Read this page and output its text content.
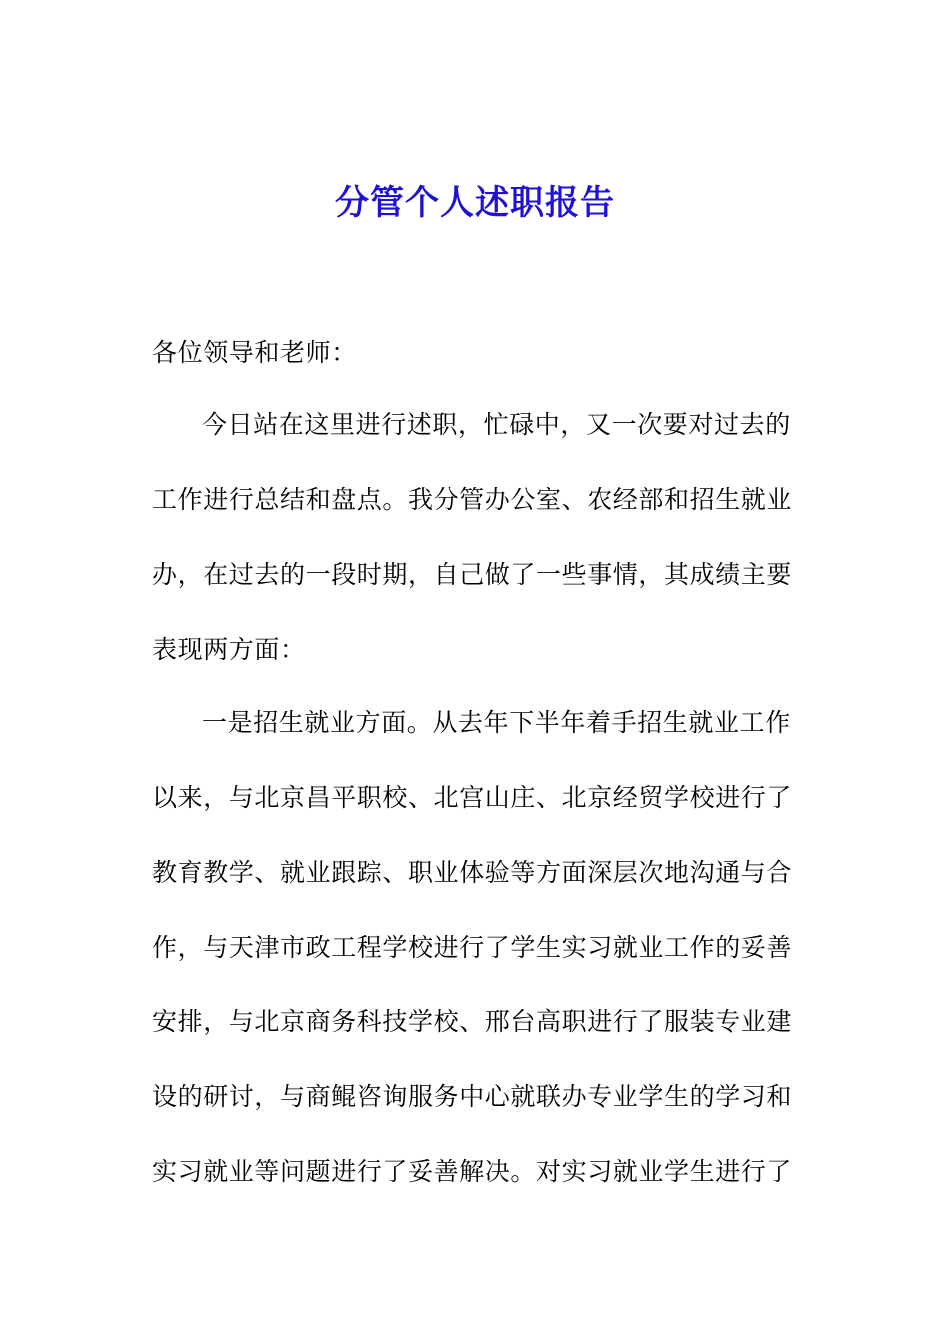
分管个人述职报告
各位领导和老师：
今日站在这里进行述职，忙碌中，又一次要对过去的
工作进行总结和盘点。我分管办公室、农经部和招生就业
办，在过去的一段时期，自己做了一些事情，其成绩主要
表现两方面：
一是招生就业方面。从去年下半年着手招生就业工作
以来，与北京昌平职校、北宫山庄、北京经贸学校进行了
教育教学、就业跟踪、职业体验等方面深层次地沟通与合
作，与天津市政工程学校进行了学生实习就业工作的妥善
安排，与北京商务科技学校、邢台高职进行了服装专业建
设的研讨，与商鲲咨询服务中心就联办专业学生的学习和
实习就业等问题进行了妥善解决。对实习就业学生进行了
